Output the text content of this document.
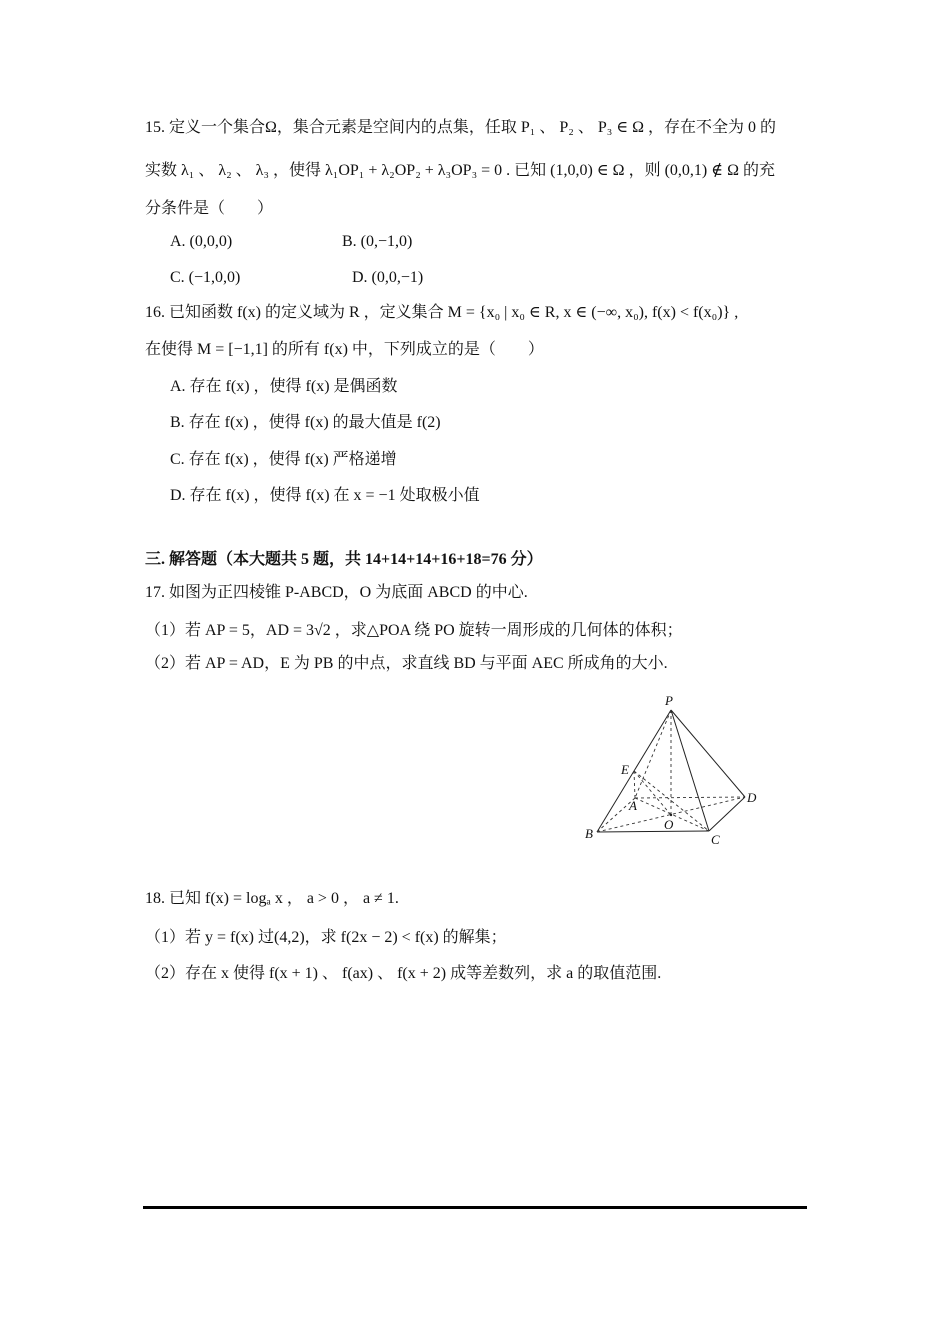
15. 定义一个集合Ω，集合元素是空间内的点集，任取 P₁ 、 P₂ 、 P₃ ∈ Ω ，存在不全为 0 的
实数 λ₁ 、 λ₂ 、 λ₃ ，使得 λ₁OP₁ + λ₂OP₂ + λ₃OP₃ = 0 . 已知 (1,0,0) ∈ Ω ，则 (0,0,1) ∉ Ω 的充
分条件是（　　）
A. (0,0,0)	B. (0,−1,0)
C. (−1,0,0)	D. (0,0,−1)
16. 已知函数 f(x) 的定义域为 R ，定义集合 M = {x₀ | x₀ ∈ R, x ∈ (−∞, x₀), f(x) < f(x₀)} ,
在使得 M = [−1,1] 的所有 f(x) 中，下列成立的是（　　）
A. 存在 f(x) ，使得 f(x) 是偶函数
B. 存在 f(x) ，使得 f(x) 的最大值是 f(2)
C. 存在 f(x) ，使得 f(x) 严格递增
D. 存在 f(x) ，使得 f(x) 在 x = −1 处取极小值
三. 解答题（本大题共 5 题，共 14+14+14+16+18=76 分）
17. 如图为正四棱锥 P-ABCD，O 为底面 ABCD 的中心.
（1）若 AP = 5，AD = 3√2 ，求△POA 绕 PO 旋转一周形成的几何体的体积；
（2）若 AP = AD，E 为 PB 的中点，求直线 BD 与平面 AEC 所成角的大小.
P
E
A
D
O
B	C
18. 已知 f(x) = logₐ x ， a > 0 ， a ≠ 1.
（1）若 y = f(x) 过(4,2)，求 f(2x − 2) < f(x) 的解集；
（2）存在 x 使得 f(x + 1) 、 f(ax) 、 f(x + 2) 成等差数列，求 a 的取值范围.
